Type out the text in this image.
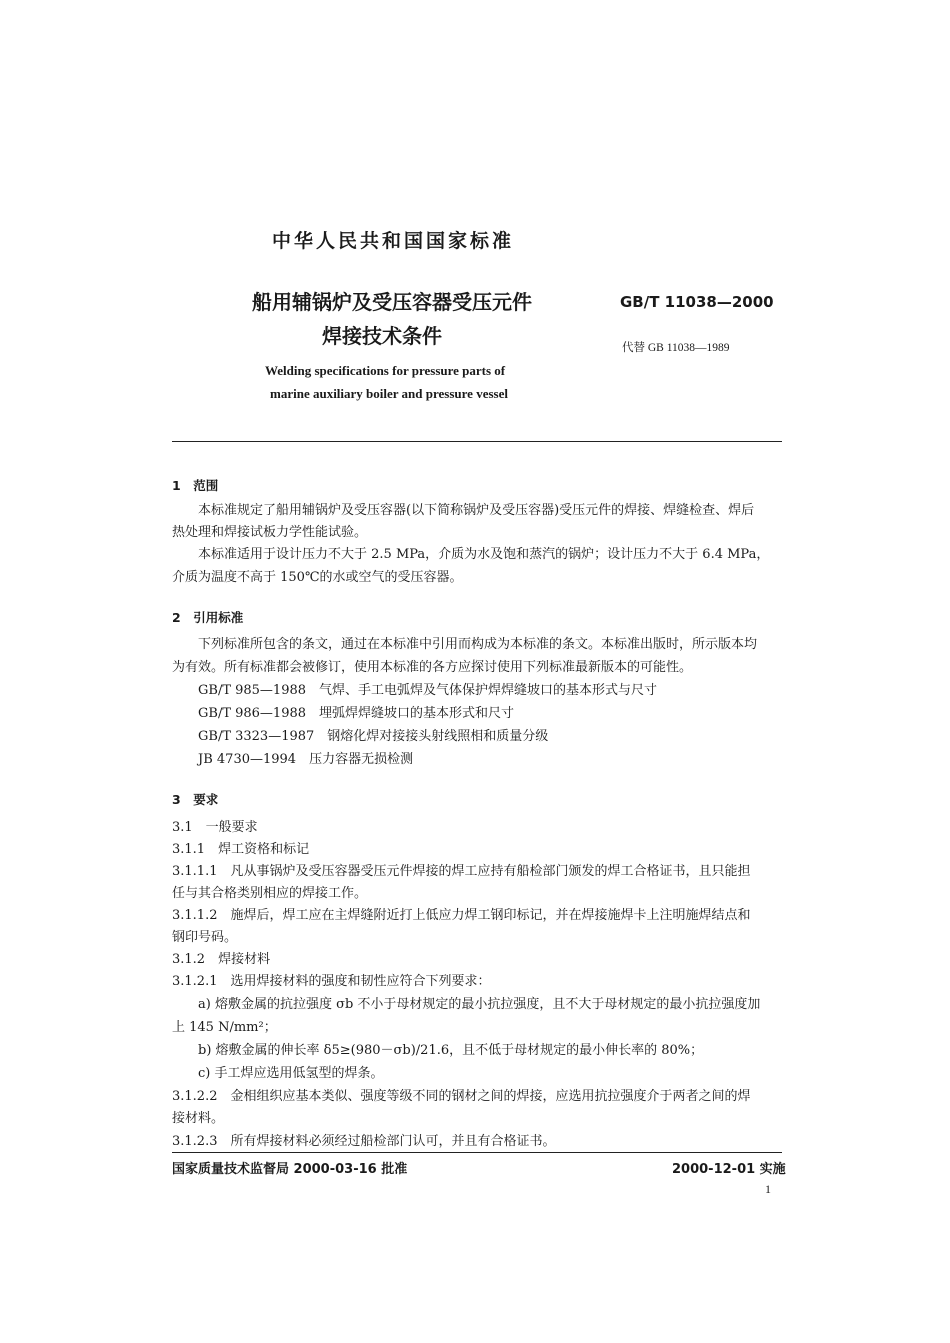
中华人民共和国国家标准
船用辅锅炉及受压容器受压元件
焊接技术条件
GB/T 11038—2000
代替 GB 11038—1989
Welding specifications for pressure parts of
marine auxiliary boiler and pressure vessel
1　范围
本标准规定了船用辅锅炉及受压容器(以下简称锅炉及受压容器)受压元件的焊接、焊缝检查、焊后
热处理和焊接试板力学性能试验。
本标准适用于设计压力不大于 2.5 MPa，介质为水及饱和蒸汽的锅炉；设计压力不大于 6.4 MPa，
介质为温度不高于 150℃的水或空气的受压容器。
2　引用标准
下列标准所包含的条文，通过在本标准中引用而构成为本标准的条文。本标准出版时，所示版本均
为有效。所有标准都会被修订，使用本标准的各方应探讨使用下列标准最新版本的可能性。
GB/T 985—1988　气焊、手工电弧焊及气体保护焊焊缝坡口的基本形式与尺寸
GB/T 986—1988　埋弧焊焊缝坡口的基本形式和尺寸
GB/T 3323—1987　钢熔化焊对接接头射线照相和质量分级
JB 4730—1994　压力容器无损检测
3　要求
3.1　一般要求
3.1.1　焊工资格和标记
3.1.1.1　凡从事锅炉及受压容器受压元件焊接的焊工应持有船检部门颁发的焊工合格证书，且只能担
任与其合格类别相应的焊接工作。
3.1.1.2　施焊后，焊工应在主焊缝附近打上低应力焊工钢印标记，并在焊接施焊卡上注明施焊结点和
钢印号码。
3.1.2　焊接材料
3.1.2.1　选用焊接材料的强度和韧性应符合下列要求：
a) 熔敷金属的抗拉强度 σb 不小于母材规定的最小抗拉强度，且不大于母材规定的最小抗拉强度加
上 145 N/mm²；
b) 熔敷金属的伸长率 δ5≥(980－σb)/21.6，且不低于母材规定的最小伸长率的 80%；
c) 手工焊应选用低氢型的焊条。
3.1.2.2　金相组织应基本类似、强度等级不同的钢材之间的焊接，应选用抗拉强度介于两者之间的焊
接材料。
3.1.2.3　所有焊接材料必须经过船检部门认可，并且有合格证书。
国家质量技术监督局 2000-03-16 批准	2000-12-01 实施
1
